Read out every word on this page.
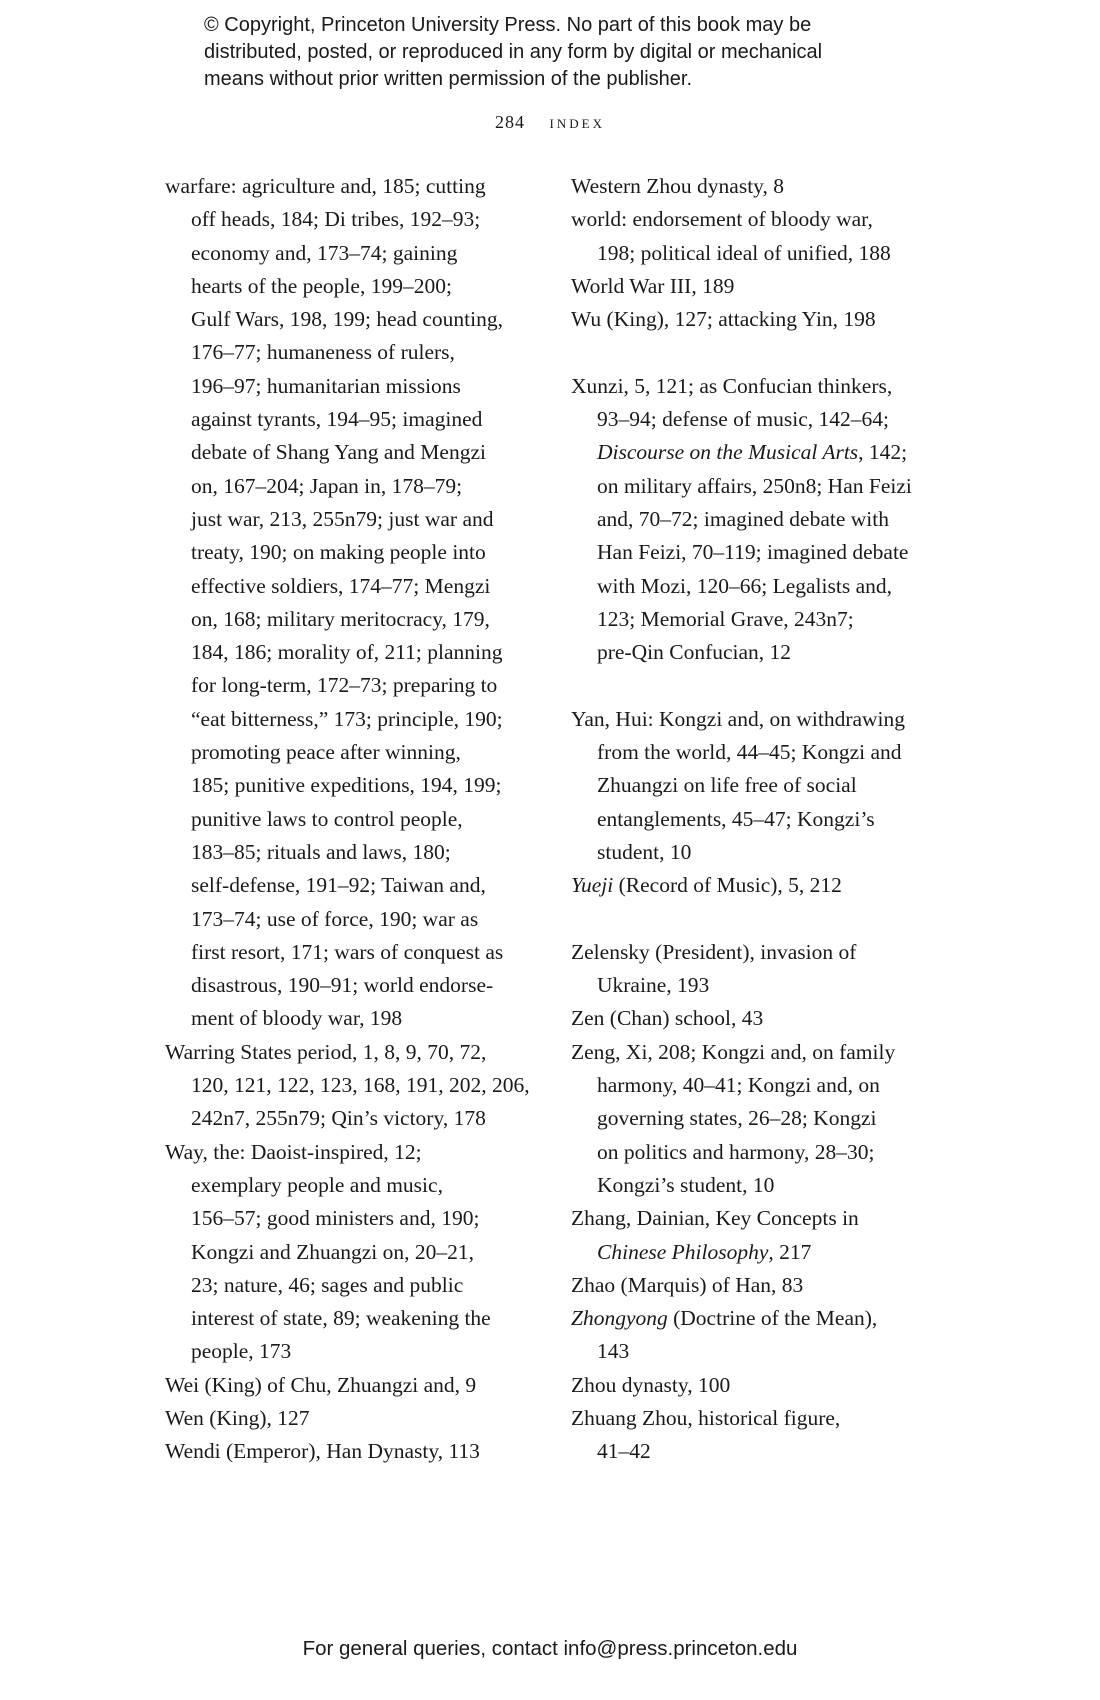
© Copyright, Princeton University Press. No part of this book may be
distributed, posted, or reproduced in any form by digital or mechanical
means without prior written permission of the publisher.
284 index
warfare: agriculture and, 185; cutting
off heads, 184; Di tribes, 192–93;
economy and, 173–74; gaining
hearts of the people, 199–200;
Gulf Wars, 198, 199; head counting,
176–77; humaneness of rulers,
196–97; humanitarian missions
against tyrants, 194–95; imagined
debate of Shang Yang and Mengzi
on, 167–204; Japan in, 178–79;
just war, 213, 255n79; just war and
treaty, 190; on making people into
effective soldiers, 174–77; Mengzi
on, 168; military meritocracy, 179,
184, 186; morality of, 211; planning
for long-term, 172–73; preparing to
“eat bitterness,” 173; principle, 190;
promoting peace after winning,
185; punitive expeditions, 194, 199;
punitive laws to control people,
183–85; rituals and laws, 180;
self-defense, 191–92; Taiwan and,
173–74; use of force, 190; war as
first resort, 171; wars of conquest as
disastrous, 190–91; world endorse-
ment of bloody war, 198
Warring States period, 1, 8, 9, 70, 72,
120, 121, 122, 123, 168, 191, 202, 206,
242n7, 255n79; Qin’s victory, 178
Way, the: Daoist-inspired, 12;
exemplary people and music,
156–57; good ministers and, 190;
Kongzi and Zhuangzi on, 20–21,
23; nature, 46; sages and public
interest of state, 89; weakening the
people, 173
Wei (King) of Chu, Zhuangzi and, 9
Wen (King), 127
Wendi (Emperor), Han Dynasty, 113
Western Zhou dynasty, 8
world: endorsement of bloody war,
198; political ideal of unified, 188
World War III, 189
Wu (King), 127; attacking Yin, 198
Xunzi, 5, 121; as Confucian thinkers,
93–94; defense of music, 142–64;
Discourse on the Musical Arts, 142;
on military affairs, 250n8; Han Feizi
and, 70–72; imagined debate with
Han Feizi, 70–119; imagined debate
with Mozi, 120–66; Legalists and,
123; Memorial Grave, 243n7;
pre-Qin Confucian, 12
Yan, Hui: Kongzi and, on withdrawing
from the world, 44–45; Kongzi and
Zhuangzi on life free of social
entanglements, 45–47; Kongzi’s
student, 10
Yueji (Record of Music), 5, 212
Zelensky (President), invasion of
Ukraine, 193
Zen (Chan) school, 43
Zeng, Xi, 208; Kongzi and, on family
harmony, 40–41; Kongzi and, on
governing states, 26–28; Kongzi
on politics and harmony, 28–30;
Kongzi’s student, 10
Zhang, Dainian, Key Concepts in
Chinese Philosophy, 217
Zhao (Marquis) of Han, 83
Zhongyong (Doctrine of the Mean),
143
Zhou dynasty, 100
Zhuang Zhou, historical figure,
41–42
For general queries, contact info@press.princeton.edu
